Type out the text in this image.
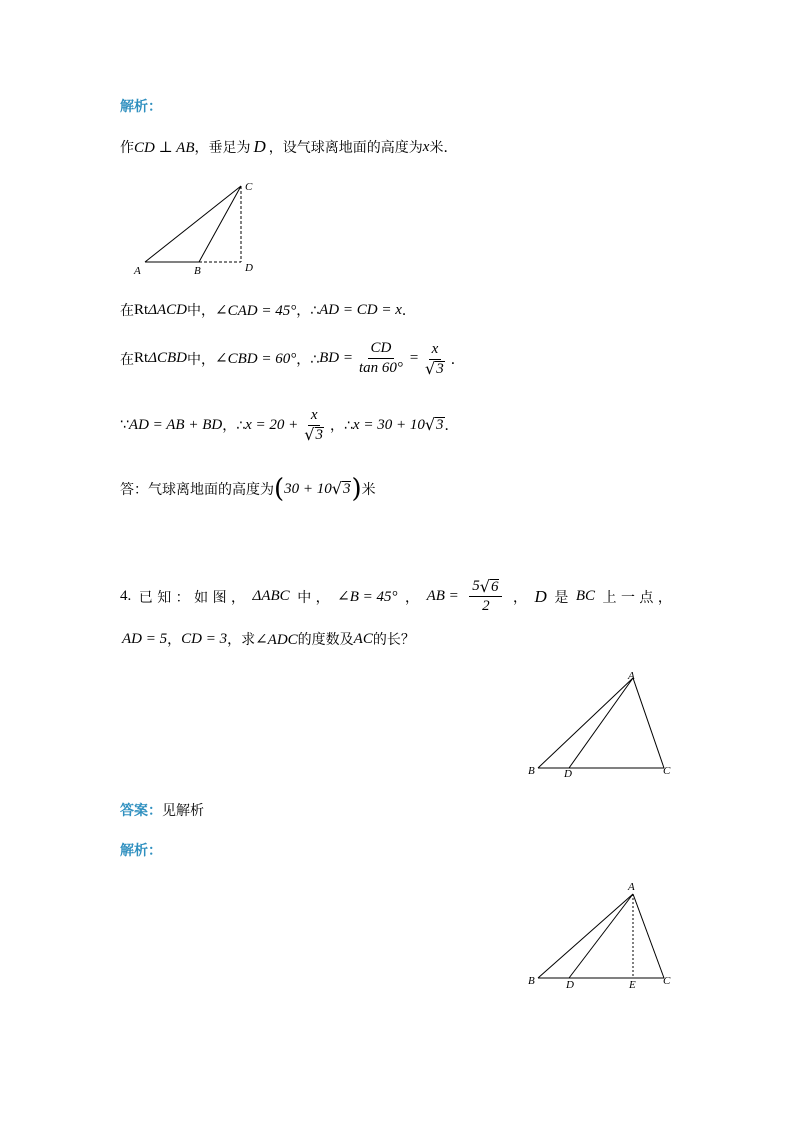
解析：
作 CD ⊥ AB ，垂足为 D ，设气球离地面的高度为 x 米．
A	B
C
D
在 Rt ΔACD 中， ∠CAD = 45° ，∴ AD = CD = x ．
在 Rt ΔCBD 中， ∠CBD = 60° ，∴ BD = $\frac{CD}{\tan 60^\circ} = \frac{x}{√ 3}$ ．
∵ AD = AB + BD ，∴ $x = 20 + \frac{x}{√ 3}$ ，∴ x = 30 + 10 √ 3 ．
答：气球离地面的高度为 ( 30 + 10 √ 3 ) 米
4. 已 知 ： 如 图 ， ΔABC 中 ， ∠B = 45° ， AB = $\frac{5 √ 6}{2}$ ， D 是 BC 上 一 点 ，
AD = 5 ， CD = 3 ，求 ∠ADC 的度数及 AC 的长？
A
B	D	C
答案： 见解析
解析：
A
B	D	E C
